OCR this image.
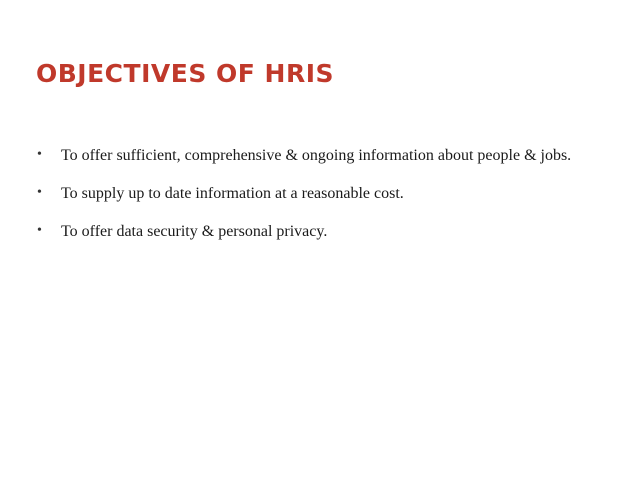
OBJECTIVES OF HRIS
• To offer sufficient, comprehensive & ongoing information about people & jobs.
• To supply up to date information at a reasonable cost.
• To offer data security & personal privacy.
